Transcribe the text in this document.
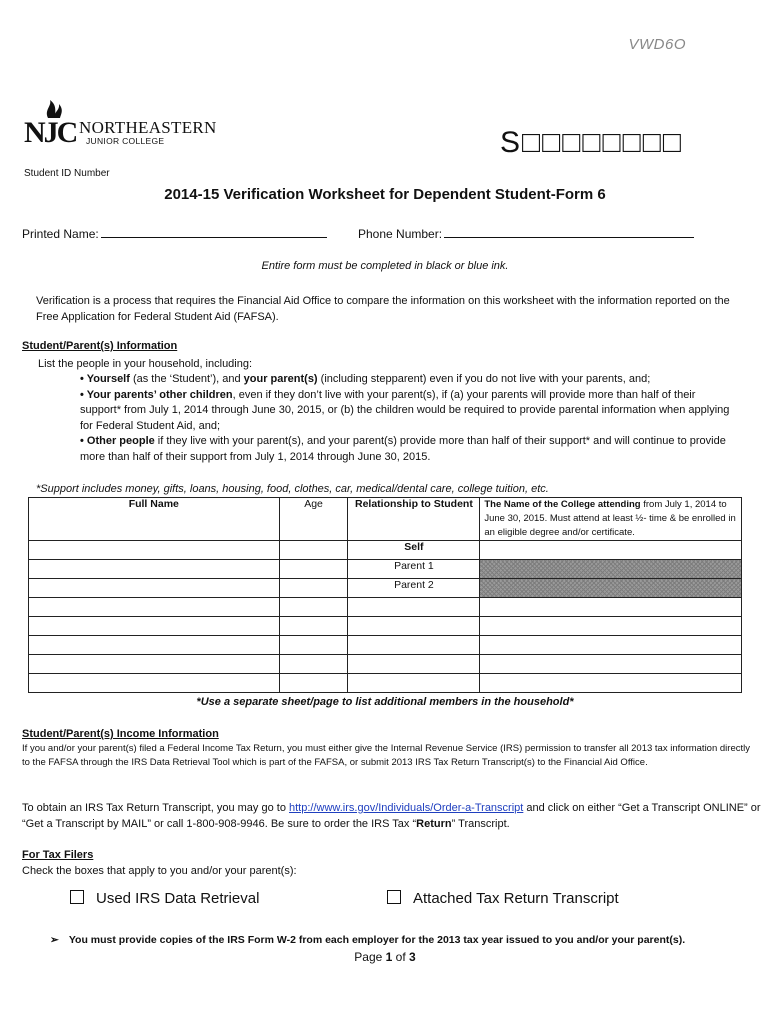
VWD6O
NJC NORTHEASTERN
JUNIOR COLLEGE	S□□□□□□□□
Student ID Number
2014-15 Verification Worksheet for Dependent Student-Form 6
Printed Name:	Phone Number:
Entire form must be completed in black or blue ink.
Verification is a process that requires the Financial Aid Office to compare the information on this worksheet with the information reported on the Free Application for Federal Student Aid (FAFSA).
Student/Parent(s) Information
List the people in your household, including:

• Yourself (as the ‘Student’), and your parent(s) (including stepparent) even if you do not live with your parents, and;

• Your parents’ other children, even if they don’t live with your parent(s), if (a) your parents will provide more than half of their support* from July 1, 2014 through June 30, 2015, or (b) the children would be required to provide parental information when applying for Federal Student Aid, and;

• Other people if they live with your parent(s), and your parent(s) provide more than half of their support* and will continue to provide more than half of their support from July 1, 2014 through June 30, 2015.

*Support includes money, gifts, loans, housing, food, clothes, car, medical/dental care, college tuition, etc.
Full Name	Age	Relationship to Student	The Name of the College attending from July 1, 2014 to June 30, 2015. Must attend at least ½- time & be enrolled in an eligible degree and/or certificate.
		Self	
		Parent 1	
		Parent 2	

*Use a separate sheet/page to list additional members in the household*
Student/Parent(s) Income Information
If you and/or your parent(s) filed a Federal Income Tax Return, you must either give the Internal Revenue Service (IRS) permission to transfer all 2013 tax information directly to the FAFSA through the IRS Data Retrieval Tool which is part of the FAFSA, or submit 2013 IRS Tax Return Transcript(s) to the Financial Aid Office.
To obtain an IRS Tax Return Transcript, you may go to http://www.irs.gov/Individuals/Order-a-Transcript and click on either “Get a Transcript ONLINE” or “Get a Transcript by MAIL” or call 1-800-908-9946. Be sure to order the IRS Tax “Return” Transcript.
For Tax Filers
Check the boxes that apply to you and/or your parent(s):
Used IRS Data Retrieval	Attached Tax Return Transcript
➢ You must provide copies of the IRS Form W-2 from each employer for the 2013 tax year issued to you and/or your parent(s).
Page 1 of 3
